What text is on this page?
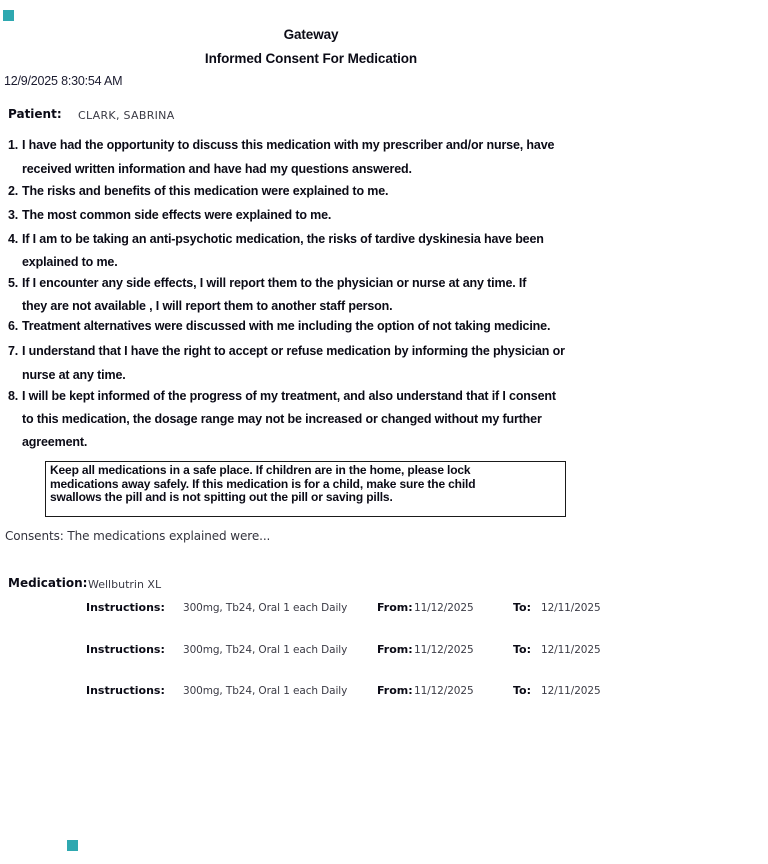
Gateway
Informed Consent For Medication
12/9/2025 8:30:54 AM
Patient: CLARK, SABRINA
1. I have had the opportunity to discuss this medication with my prescriber and/or nurse, have
received written information and have had my questions answered.
2. The risks and benefits of this medication were explained to me.
3. The most common side effects were explained to me.
4. If I am to be taking an anti-psychotic medication, the risks of tardive dyskinesia have been
explained to me.
5. If I encounter any side effects, I will report them to the physician or nurse at any time. If
they are not available , I will report them to another staff person.
6. Treatment alternatives were discussed with me including the option of not taking medicine.
7. I understand that I have the right to accept or refuse medication by informing the physician or
nurse at any time.
8. I will be kept informed of the progress of my treatment, and also understand that if I consent
to this medication, the dosage range may not be increased or changed without my further
agreement.
Keep all medications in a safe place. If children are in the home, please lock
medications away safely. If this medication is for a child, make sure the child
swallows the pill and is not spitting out the pill or saving pills.
Consents: The medications explained were...
Medication: Wellbutrin XL
Instructions: 300mg, Tb24, Oral 1 each Daily	From: 11/12/2025	To: 12/11/2025
Instructions: 300mg, Tb24, Oral 1 each Daily	From: 11/12/2025	To: 12/11/2025
Instructions: 300mg, Tb24, Oral 1 each Daily	From: 11/12/2025	To: 12/11/2025
